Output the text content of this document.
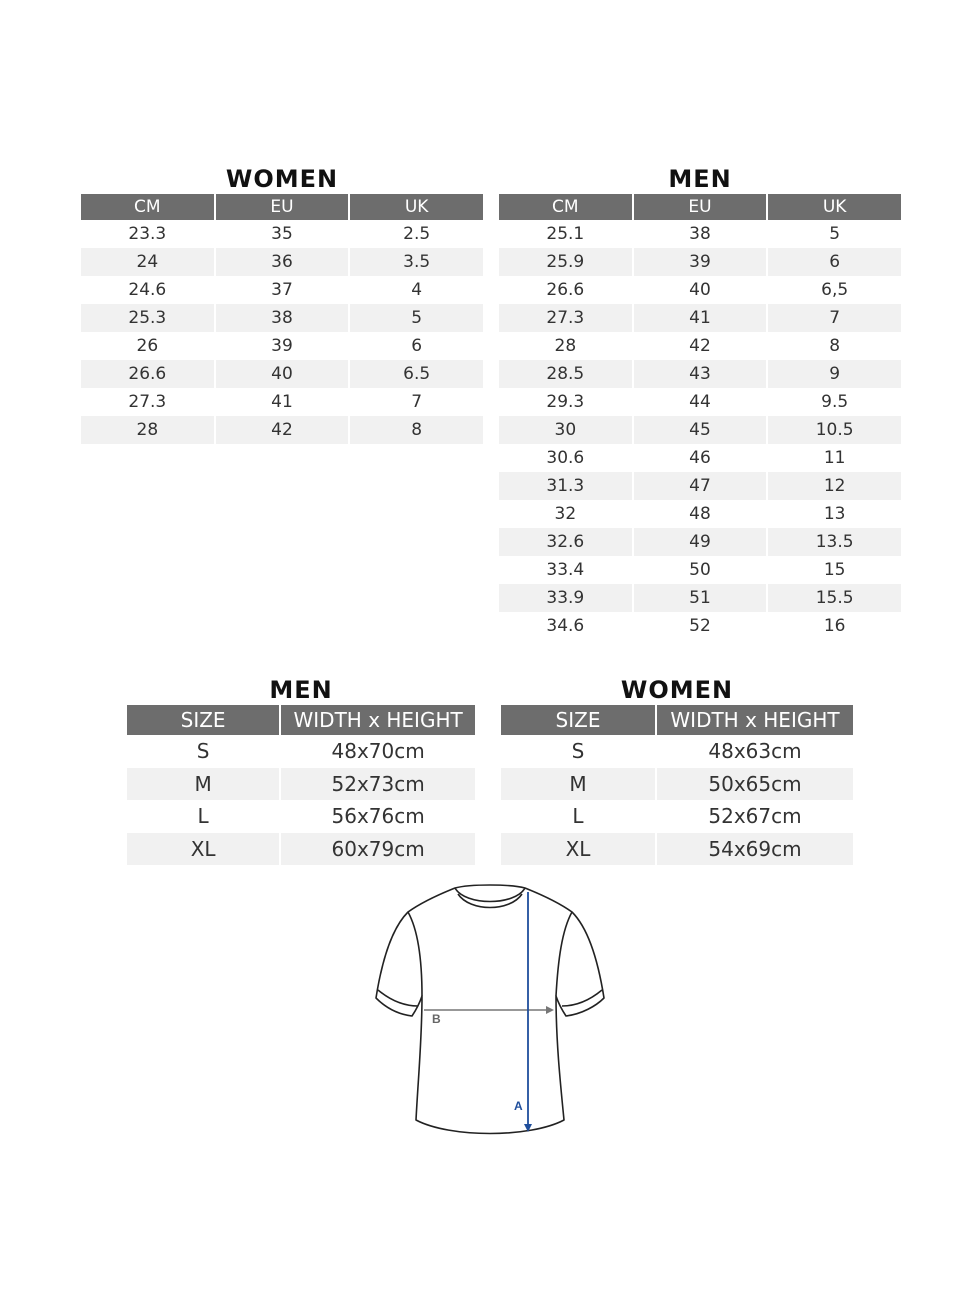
WOMEN
CM	EU	UK
23.3	35	2.5
24	36	3.5
24.6	37	4
25.3	38	5
26	39	6
26.6	40	6.5
27.3	41	7
28	42	8
MEN
CM	EU	UK
25.1	38	5
25.9	39	6
26.6	40	6,5
27.3	41	7
28	42	8
28.5	43	9
29.3	44	9.5
30	45	10.5
30.6	46	11
31.3	47	12
32	48	13
32.6	49	13.5
33.4	50	15
33.9	51	15.5
34.6	52	16
MEN
SIZE	WIDTH x HEIGHT
S	48x70cm
M	52x73cm
L	56x76cm
XL	60x79cm
WOMEN
SIZE	WIDTH x HEIGHT
S	48x63cm
M	50x65cm
L	52x67cm
XL	54x69cm
B
A
